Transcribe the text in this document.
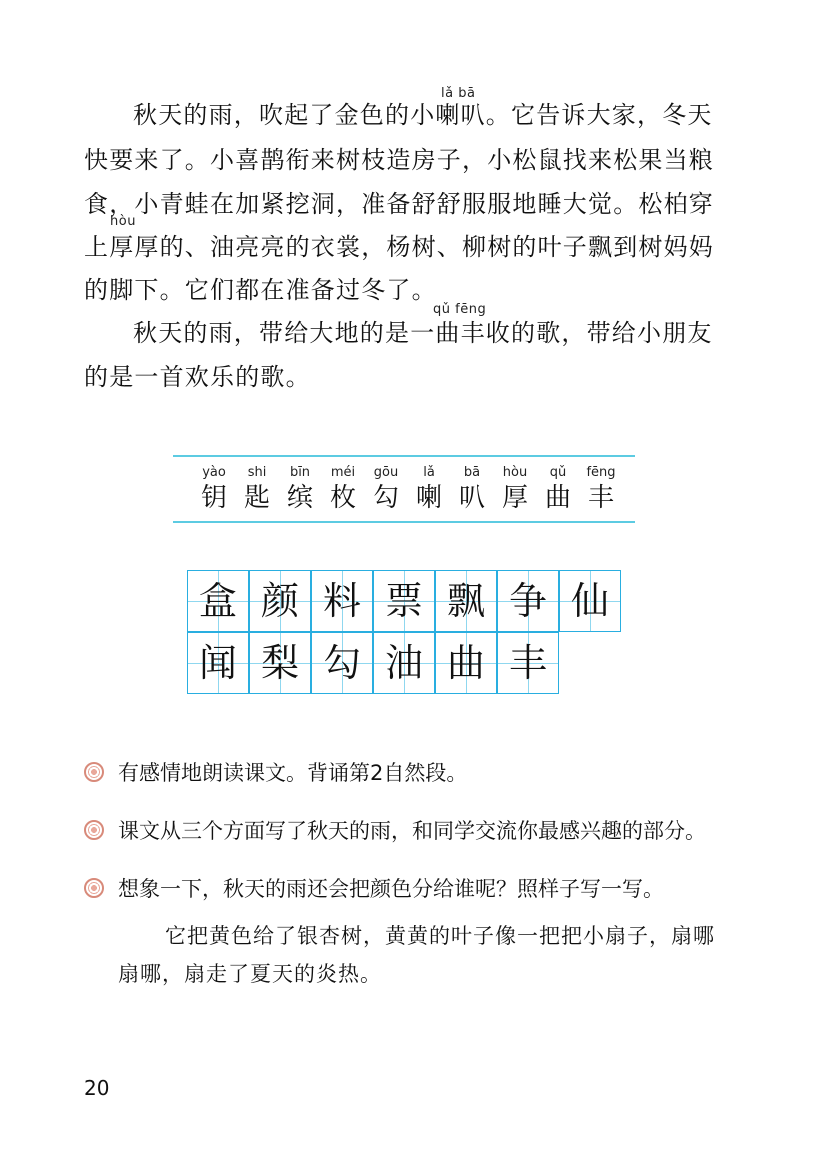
lǎ bā
hòu
qǔ fēng
秋天的雨，吹起了金色的小喇叭。它告诉大家，冬天
快要来了。小喜鹊衔来树枝造房子，小松鼠找来松果当粮
食，小青蛙在加紧挖洞，准备舒舒服服地睡大觉。松柏穿
上厚厚的、油亮亮的衣裳，杨树、柳树的叶子飘到树妈妈
的脚下。它们都在准备过冬了。
秋天的雨，带给大地的是一曲丰收的歌，带给小朋友
的是一首欢乐的歌。
yào
钥
shi
匙
bīn
缤
méi
枚
gōu
勾
lǎ
喇
bā
叭
hòu
厚
qǔ
曲
fēng
丰
盒 颜 料 票 飘 争 仙
闻 梨 勾 油 曲 丰
有感情地朗读课文。背诵第2自然段。
课文从三个方面写了秋天的雨，和同学交流你最感兴趣的部分。
想象一下，秋天的雨还会把颜色分给谁呢？照样子写一写。
它把黄色给了银杏树，黄黄的叶子像一把把小扇子，扇哪
扇哪，扇走了夏天的炎热。
20
